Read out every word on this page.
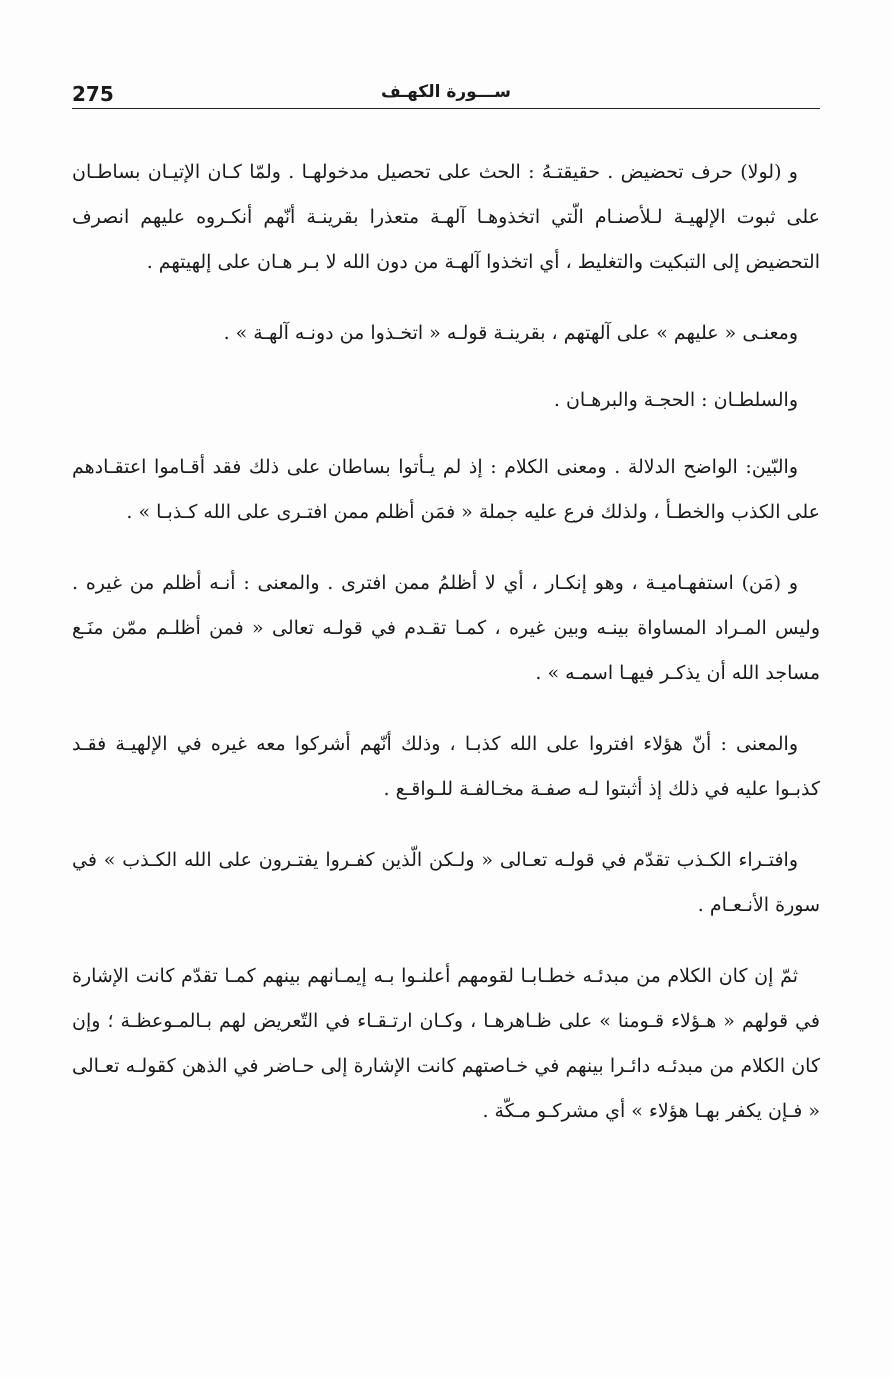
275	ســـورة الكهـف

و (لولا) حرف تحضيض . حقيقتـهُ : الحث على تحصيل مدخولهـا . ولمّا كـان الإتيـان بساطـان على ثبوت الإلهيـة لـلأصنـام الّتي اتخذوهـا آلهـة متعذرا بقرينـة أنّهم أنكـروه عليهم انصرف التحضيض إلى التبكيت والتغليط ، أي اتخذوا آلهـة من دون الله لا بـر هـان على إلهيتهم .

ومعنـى « عليهم » على آلهتهم ، بقرينـة قولـه « اتخـذوا من دونـه آلهـة » .

والسلطـان : الحجـة والبرهـان .

والبّين: الواضح الدلالة . ومعنى الكلام : إذ لم يـأتوا بساطان على ذلك فقد أقـاموا اعتقـادهم على الكذب والخطـأ ، ولذلك فرع عليه جملة « فمَن أظلم ممن افتـرى على الله كـذبـا » .

و (مَن) استفهـاميـة ، وهو إنكـار ، أي لا أظلمُ ممن افترى . والمعنى : أنـه أظلم من غيره . وليس المـراد المساواة بينـه وبين غيره ، كمـا تقـدم في قولـه تعالى « فمن أظلـم ممّن منَـع مساجد الله أن يذكـر فيهـا اسمـه » .

والمعنى : أنّ هؤلاء افتروا على الله كذبـا ، وذلك أنّهم أشركوا معه غيره في الإلهيـة فقـد كذبـوا عليه في ذلك إذ أثبتوا لـه صفـة مخـالفـة للـواقـع .

وافتـراء الكـذب تقدّم في قولـه تعـالى « ولـكن الّذين كفـروا يفتـرون على الله الكـذب » في سورة الأنـعـام .

ثمّ إن كان الكلام من مبدئـه خطـابـا لقومهم أعلنـوا بـه إيمـانهم بينهم كمـا تقدّم كانت الإشارة في قولهم « هـؤلاء قـومنا » على ظـاهرهـا ، وكـان ارتـقـاء في التّعريض لهم بـالمـوعظـة ؛ وإن كان الكلام من مبدئـه دائـرا بينهم في خـاصتهم كانت الإشارة إلى حـاضر في الذهن كقولـه تعـالى « فـإن يكفر بهـا هؤلاء » أي مشركـو مـكّة .
